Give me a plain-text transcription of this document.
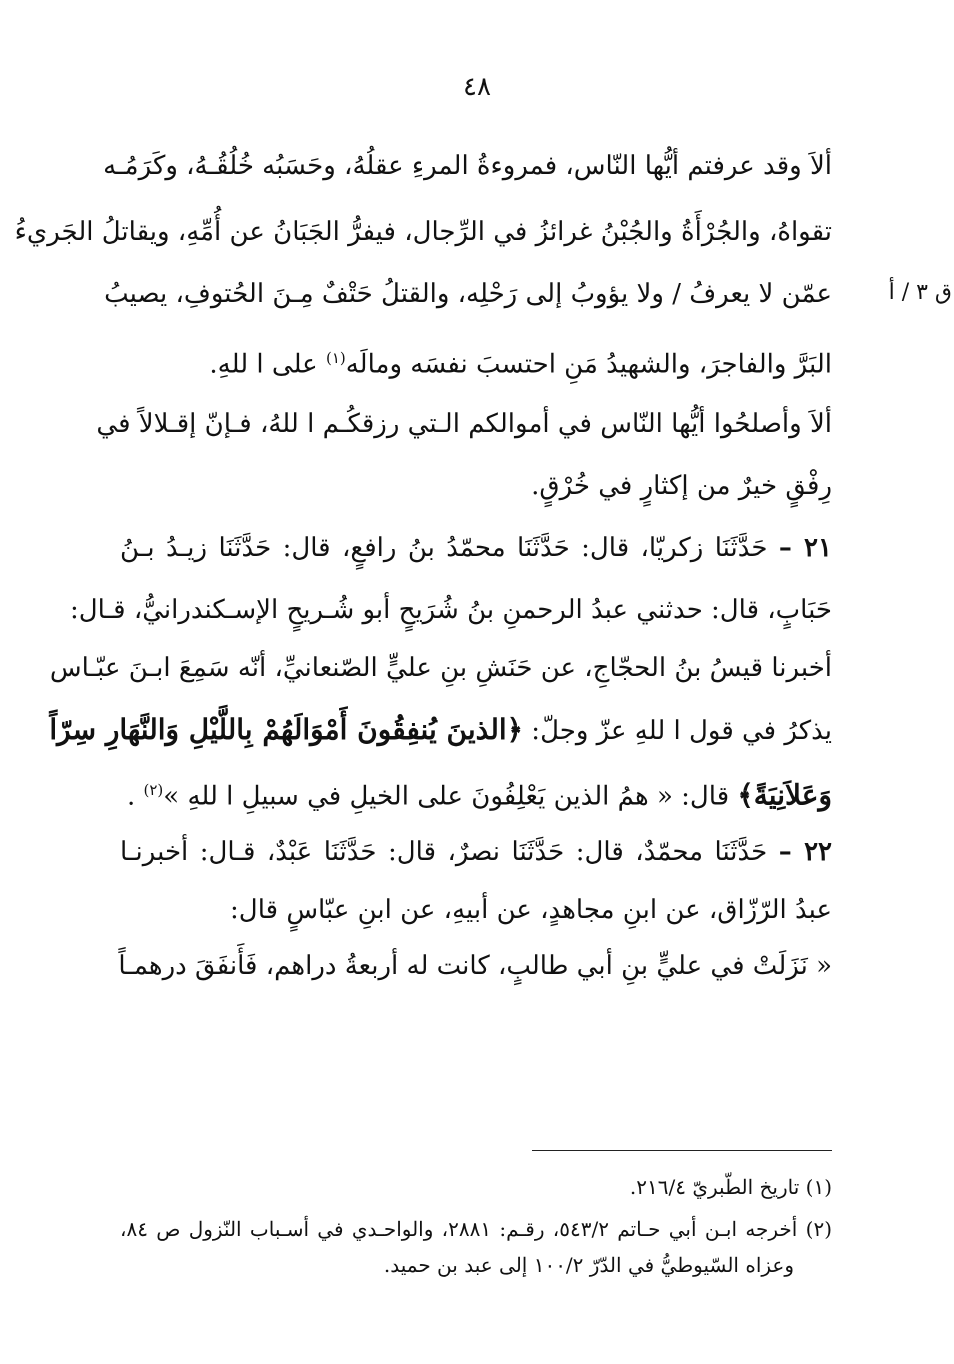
٤٨
ق ٣ / أ
ألاَ وقد عرفتم أيُّها النّاس، فمروءةُ المرءِ عقلُهُ، وحَسَبُه خُلُقُـهُ، وكَرَمُـه
تقواهُ، والجُرْأَةُ والجُبْنُ غرائزُ في الرِّجال، فيفرُّ الجَبَانُ عن أُمِّهِ، ويقاتلُ الجَريءُ
عمّن لا يعرفُ / ولا يؤوبُ إلى رَحْلِه، والقتلُ حَتْفٌ مِـنَ الحُتوفِ، يصيبُ
البَرَّ والفاجرَ، والشهيدُ مَنِ احتسبَ نفسَه ومالَه$^{(١)}$ على ا للهِ.
ألاَ وأصلحُوا أيُّها النّاس في أموالكم الـتي رزقكُـم ا للهُ، فـإنّ إقـلالاً في
رِفْقٍ خيرٌ من إكثارٍ في خُرْقٍ.
٢١ – حَدَّثَنَا زكريّا، قال: حَدَّثَنَا محمّدُ بنُ رافعٍ، قال: حَدَّثَنَا زيـدُ بـنُ
حَبَابٍ، قال: حدثني عبدُ الرحمنِ بنُ شُرَيحٍ أبو شُـريحٍ الإسـكندرانيُّ، قـال:
أخبرنا قيسُ بنُ الحجّاجِ، عن حَنَشِ بنِ عليٍّ الصّنعانيِّ، أنّه سَمِعَ ابـنَ عبّـاس
يذكرُ في قول ا للهِ عزّ وجلّ: ﴿الذينَ يُنفِقُونَ أَمْوَالَهُمْ بِاللَّيْلِ وَالنَّهَارِ سِرّاً
وَعَلاَنِيَةً﴾ قال: « همُ الذين يَعْلِفُونَ على الخيلِ في سبيلِ ا للهِ »$^{(٢)}$ .
٢٢ – حَدَّثَنَا محمّدٌ، قال: حَدَّثَنَا نصرٌ، قال: حَدَّثَنَا عَبْدٌ، قـال: أخبرنـا
عبدُ الرّزّاق، عن ابنِ مجاهدٍ، عن أبيهِ، عن ابنِ عبّاسٍ قال:
« نَزَلَتْ في عليٍّ بنِ أبي طالبٍ، كانت له أربعةُ دراهم، فَأَنفَقَ درهمـاً
(١) تاريخ الطّبريّ ٢١٦/٤.
(٢) أخرجه ابـن أبي حـاتم ٥٤٣/٢، رقـم: ٢٨٨١، والواحـدي في أسـباب النّزول ص ٨٤،
وعزاه السّيوطيُّ في الدّرّ ١٠٠/٢ إلى عبد بن حميد.
